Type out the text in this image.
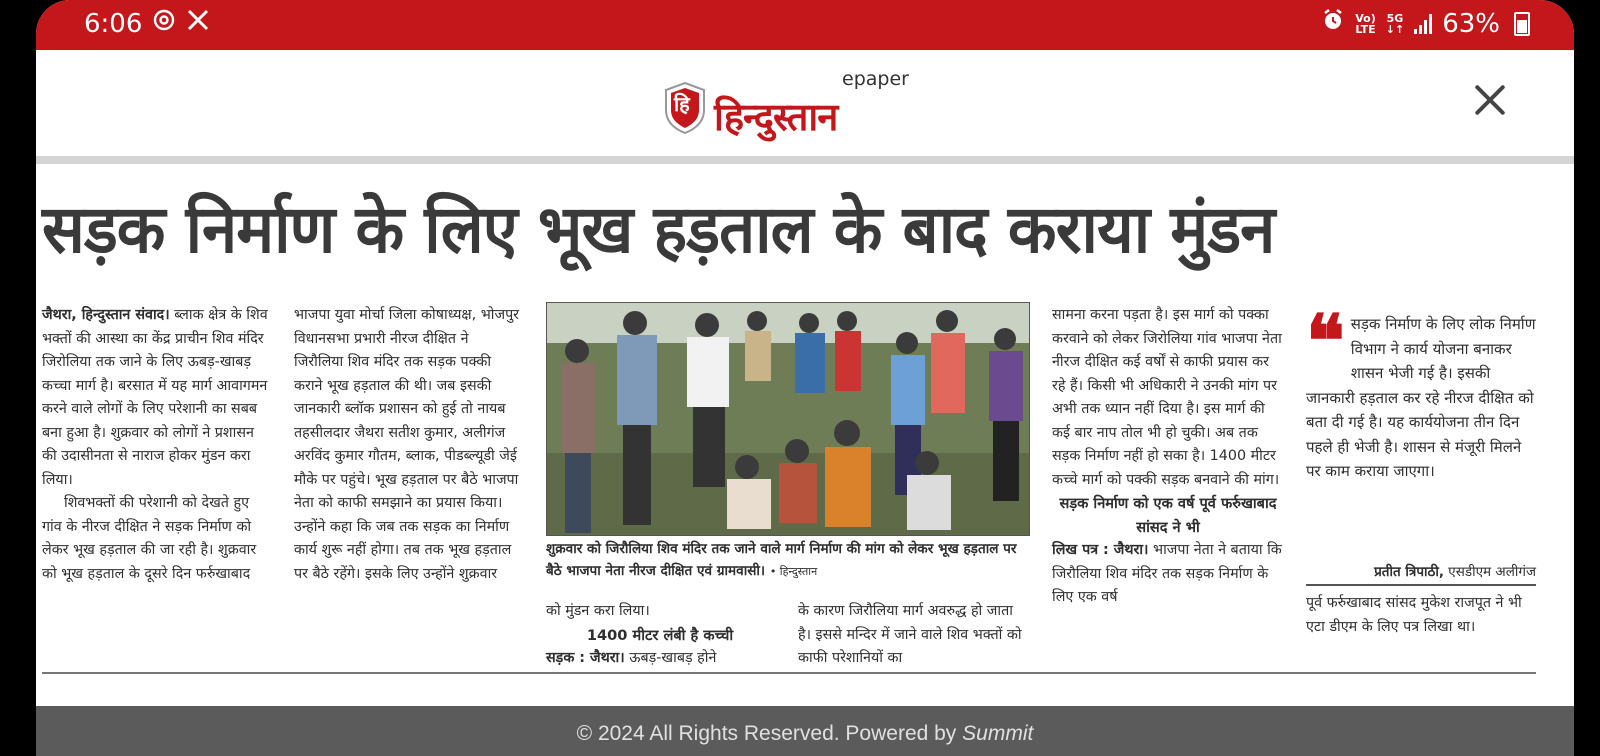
6:06	Vo)
LTE
5G
↓↑ 63%
हि हिन्दुस्तान
epaper
सड़क निर्माण के लिए भूख हड़ताल के बाद कराया मुंडन

जैथरा, हिन्दुस्तान संवाद। ब्लाक क्षेत्र के शिव भक्तों की आस्था का केंद्र प्राचीन शिव मंदिर जिरोलिया तक जाने के लिए ऊबड़-खाबड़ कच्चा मार्ग है। बरसात में यह मार्ग आवागमन करने वाले लोगों के लिए परेशानी का सबब बना हुआ है। शुक्रवार को लोगों ने प्रशासन की उदासीनता से नाराज होकर मुंडन करा लिया।

शिवभक्तों की परेशानी को देखते हुए गांव के नीरज दीक्षित ने सड़क निर्माण को लेकर भूख हड़ताल की जा रही है। शुक्रवार को भूख हड़ताल के दूसरे दिन फर्रुखाबाद

भाजपा युवा मोर्चा जिला कोषाध्यक्ष, भोजपुर विधानसभा प्रभारी नीरज दीक्षित ने जिरौलिया शिव मंदिर तक सड़क पक्की कराने भूख हड़ताल की थी। जब इसकी जानकारी ब्लॉक प्रशासन को हुई तो नायब तहसीलदार जैथरा सतीश कुमार, अलीगंज अरविंद कुमार गौतम, ब्लाक, पीडब्ल्यूडी जेई मौके पर पहुंचे। भूख हड़ताल पर बैठे भाजपा नेता को काफी समझाने का प्रयास किया। उन्होंने कहा कि जब तक सड़क का निर्माण कार्य शुरू नहीं होगा। तब तक भूख हड़ताल पर बैठे रहेंगे। इसके लिए उन्होंने शुक्रवार

शुक्रवार को जिरौलिया शिव मंदिर तक जाने वाले मार्ग निर्माण की मांग को लेकर भूख हड़ताल पर बैठे भाजपा नेता नीरज दीक्षित एवं ग्रामवासी। • हिन्दुस्तान

को मुंडन करा लिया।

1400 मीटर लंबी है कच्ची

सड़क : जैथरा। ऊबड़-खाबड़ होने

के कारण जिरौलिया मार्ग अवरुद्ध हो जाता है। इससे मन्दिर में जाने वाले शिव भक्तों को काफी परेशानियों का

सामना करना पड़ता है। इस मार्ग को पक्का करवाने को लेकर जिरोलिया गांव भाजपा नेता नीरज दीक्षित कई वर्षों से काफी प्रयास कर रहे हैं। किसी भी अधिकारी ने उनकी मांग पर अभी तक ध्यान नहीं दिया है। इस मार्ग की कई बार नाप तोल भी हो चुकी। अब तक सड़क निर्माण नहीं हो सका है। 1400 मीटर कच्चे मार्ग को पक्की सड़क बनवाने की मांग।

सड़क निर्माण को एक वर्ष पूर्व फर्रुखाबाद सांसद ने भी

लिख पत्र : जैथरा। भाजपा नेता ने बताया कि जिरौलिया शिव मंदिर तक सड़क निर्माण के लिए एक वर्ष

❝ सड़क निर्माण के लिए लोक निर्माण विभाग ने कार्य योजना बनाकर शासन भेजी गई है। इसकी जानकारी हड़ताल कर रहे नीरज दीक्षित को बता दी गई है। यह कार्ययोजना तीन दिन पहले ही भेजी है। शासन से मंजूरी मिलने पर काम कराया जाएगा।
प्रतीत त्रिपाठी, एसडीएम अलीगंज

पूर्व फर्रुखाबाद सांसद मुकेश राजपूत ने भी एटा डीएम के लिए पत्र लिखा था।

© 2024 All Rights Reserved. Powered by Summit
